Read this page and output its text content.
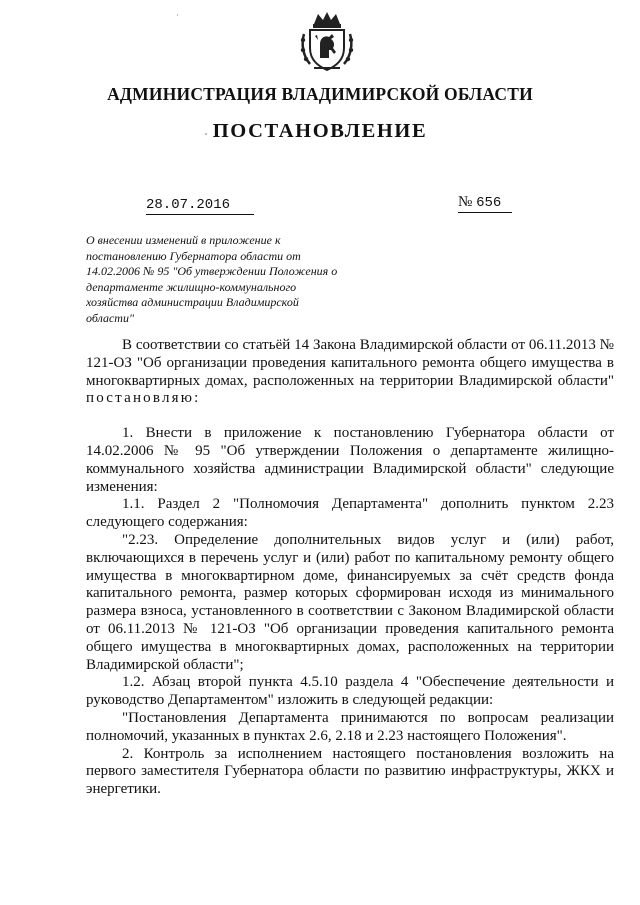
АДМИНИСТРАЦИЯ ВЛАДИМИРСКОЙ ОБЛАСТИ
ПОСТАНОВЛЕНИЕ
28.07.2016	№ 656
О внесении изменений в приложение к постановлению Губернатора области от 14.02.2006 № 95 "Об утверждении Положения о департаменте жилищно-коммунального хозяйства администрации Владимирской области"

В соответствии со статьёй 14 Закона Владимирской области от 06.11.2013 № 121-ОЗ "Об организации проведения капитального ремонта общего имущества в многоквартирных домах, расположенных на территории Владимирской области" постановляю:

1. Внести в приложение к постановлению Губернатора области от 14.02.2006 № 95 "Об утверждении Положения о департаменте жилищно-коммунального хозяйства администрации Владимирской области" следующие изменения:

1.1. Раздел 2 "Полномочия Департамента" дополнить пунктом 2.23 следующего содержания:

"2.23. Определение дополнительных видов услуг и (или) работ, включающихся в перечень услуг и (или) работ по капитальному ремонту общего имущества в многоквартирном доме, финансируемых за счёт средств фонда капитального ремонта, размер которых сформирован исходя из минимального размера взноса, установленного в соответствии с Законом Владимирской области от 06.11.2013 № 121-ОЗ "Об организации проведения капитального ремонта общего имущества в многоквартирных домах, расположенных на территории Владимирской области";

1.2. Абзац второй пункта 4.5.10 раздела 4 "Обеспечение деятельности и руководство Департаментом" изложить в следующей редакции:

"Постановления Департамента принимаются по вопросам реализации полномочий, указанных в пунктах 2.6, 2.18 и 2.23 настоящего Положения".

2. Контроль за исполнением настоящего постановления возложить на первого заместителя Губернатора области по развитию инфраструктуры, ЖКХ и энергетики.
